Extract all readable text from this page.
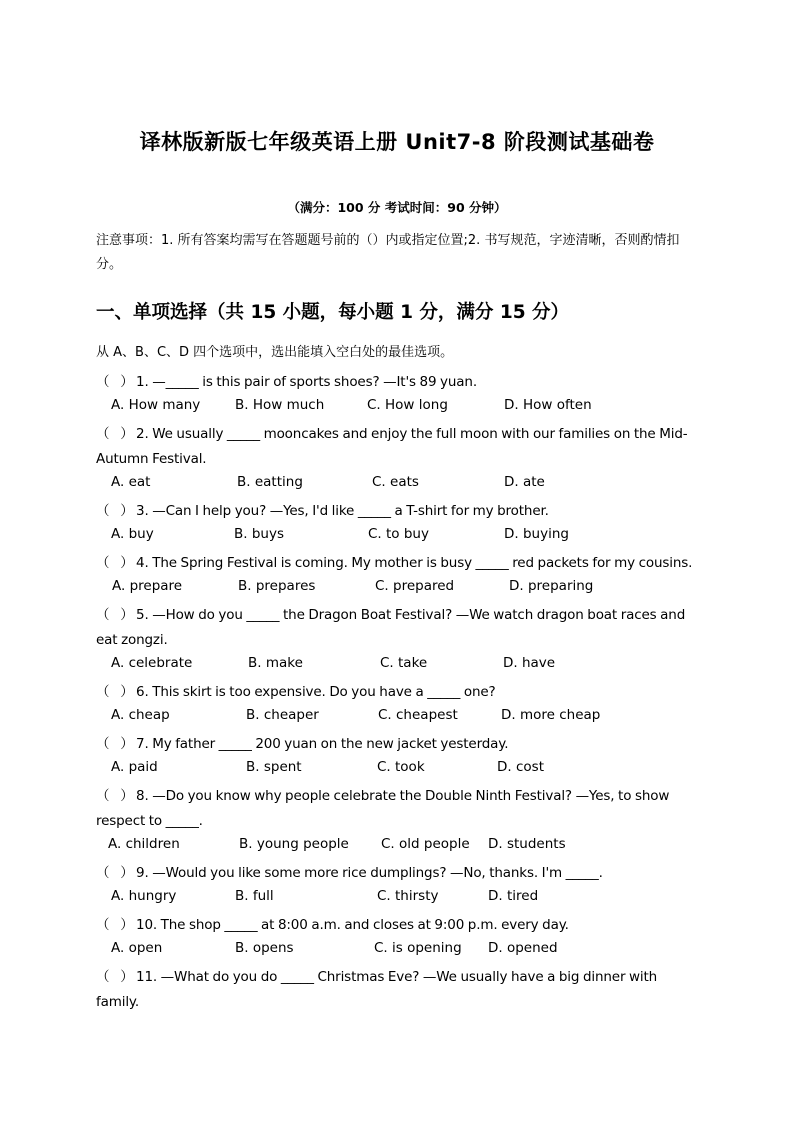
译林版新版七年级英语上册 Unit7-8 阶段测试基础卷
（满分：100 分 考试时间：90 分钟）
注意事项：1. 所有答案均需写在答题题号前的（）内或指定位置;2. 书写规范，字迹清晰，否则酌情扣分。
一、单项选择（共 15 小题，每小题 1 分，满分 15 分）
从 A、B、C、D 四个选项中，选出能填入空白处的最佳选项。
（   ） 1. —_____ is this pair of sports shoes? —It's 89 yuan.
A. How many	B. How much	C. How long	D. How often
（   ） 2. We usually _____ mooncakes and enjoy the full moon with our families on the Mid-Autumn Festival.
A. eat	B. eatting	C. eats	D. ate
（   ） 3. —Can I help you? —Yes, I'd like _____ a T-shirt for my brother.
A. buy	B. buys	C. to buy	D. buying
（   ） 4. The Spring Festival is coming. My mother is busy _____ red packets for my cousins.
A. prepare	B. prepares	C. prepared	D. preparing
（   ） 5. —How do you _____ the Dragon Boat Festival? —We watch dragon boat races and eat zongzi.
A. celebrate	B. make	C. take	D. have
（   ） 6. This skirt is too expensive. Do you have a _____ one?
A. cheap	B. cheaper	C. cheapest	D. more cheap
（   ） 7. My father _____ 200 yuan on the new jacket yesterday.
A. paid	B. spent	C. took	D. cost
（   ） 8. —Do you know why people celebrate the Double Ninth Festival? —Yes, to show respect to _____.
A. children	B. young people C. old people D. students
（   ） 9. —Would you like some more rice dumplings? —No, thanks. I'm _____.
A. hungry	B. full	C. thirsty	D. tired
（   ） 10. The shop _____ at 8:00 a.m. and closes at 9:00 p.m. every day.
A. open	B. opens	C. is opening D. opened
（   ） 11. —What do you do _____ Christmas Eve? —We usually have a big dinner with family.
